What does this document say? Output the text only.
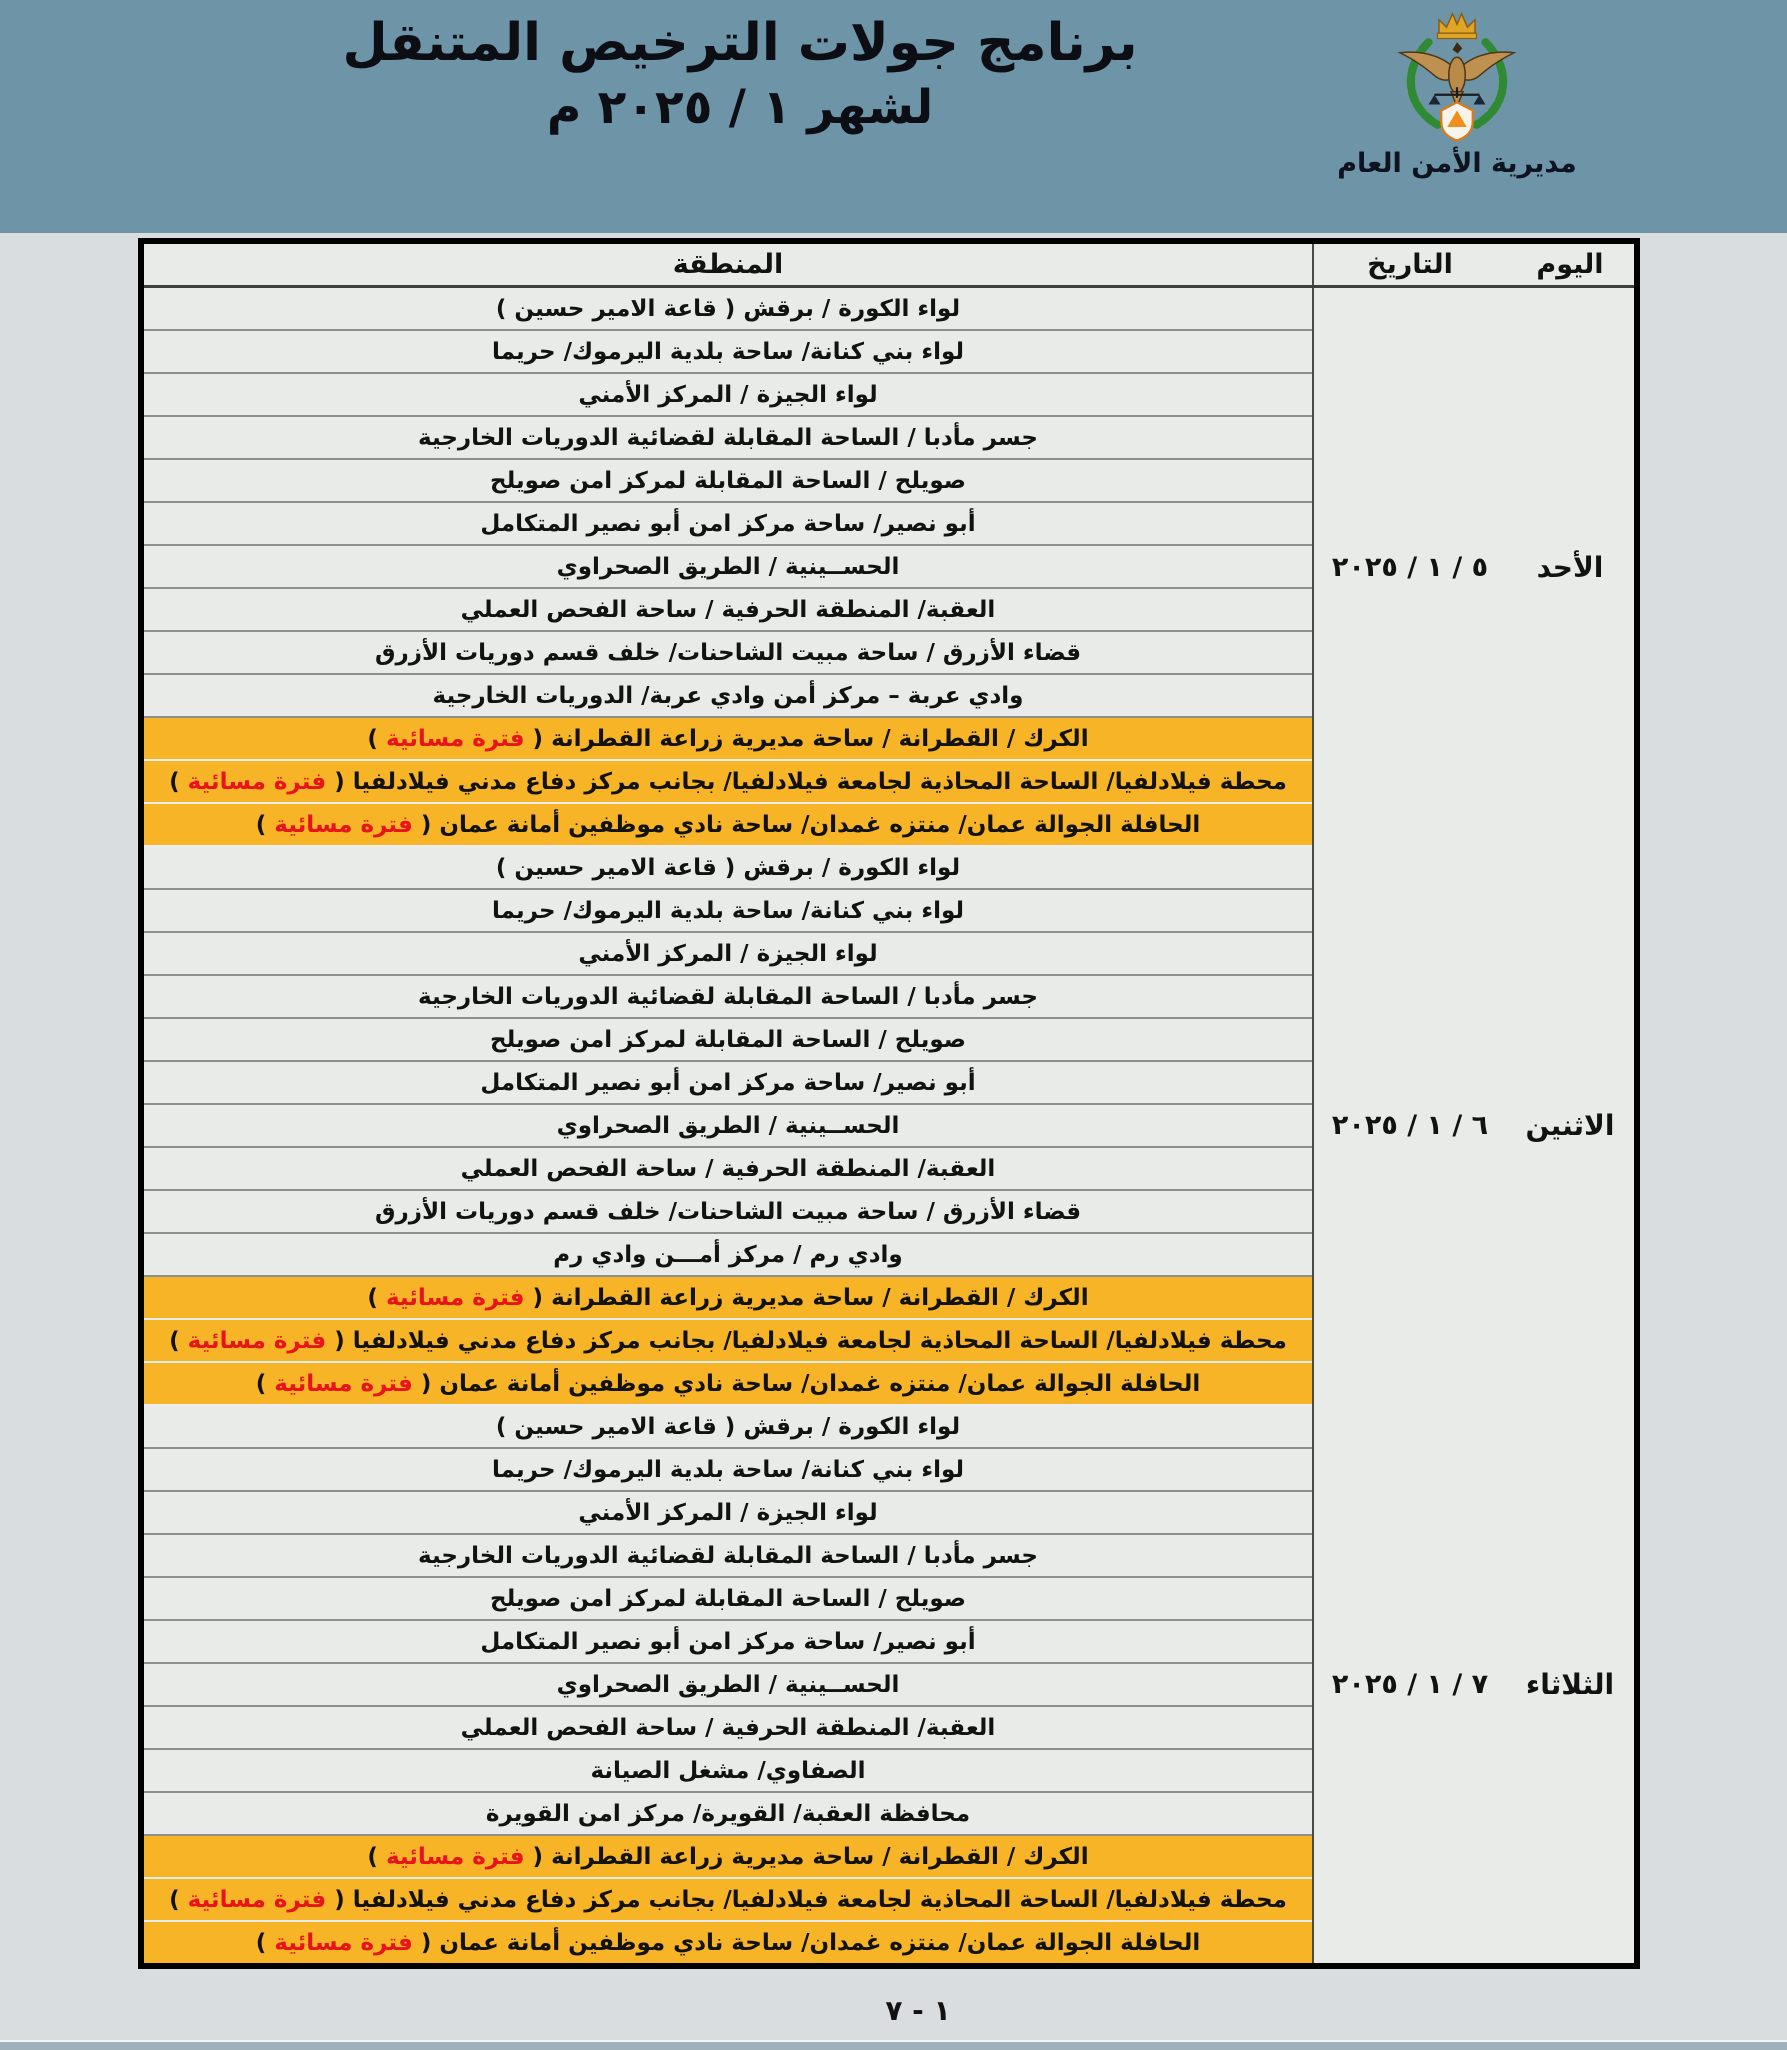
برنامج جولات الترخيص المتنقل
لشهر ١ / ٢٠٢٥ م
مديرية الأمن العام
اليوم	التاريخ	المنطقة
الأحد	٥ / ١ / ٢٠٢٥	لواء الكورة / برقش ( قاعة الامير حسين )
		لواء بني كنانة/ ساحة بلدية اليرموك/ حريما
		لواء الجيزة / المركز الأمني
		جسر مأدبا / الساحة المقابلة لقضائية الدوريات الخارجية
		صويلح / الساحة المقابلة لمركز امن صويلح
		أبو نصير/ ساحة مركز امن أبو نصير المتكامل
		الحســينية / الطريق الصحراوي
		العقبة/ المنطقة الحرفية / ساحة الفحص العملي
		قضاء الأزرق / ساحة مبيت الشاحنات/ خلف قسم دوريات الأزرق
		وادي عربة – مركز أمن وادي عربة/ الدوريات الخارجية
		الكرك / القطرانة / ساحة مديرية زراعة القطرانة ( فترة مسائية )
		محطة فيلادلفيا/ الساحة المحاذية لجامعة فيلادلفيا/ بجانب مركز دفاع مدني فيلادلفيا ( فترة مسائية )
		الحافلة الجوالة عمان/ منتزه غمدان/ ساحة نادي موظفين أمانة عمان ( فترة مسائية )
الاثنين	٦ / ١ / ٢٠٢٥	لواء الكورة / برقش ( قاعة الامير حسين )
		لواء بني كنانة/ ساحة بلدية اليرموك/ حريما
		لواء الجيزة / المركز الأمني
		جسر مأدبا / الساحة المقابلة لقضائية الدوريات الخارجية
		صويلح / الساحة المقابلة لمركز امن صويلح
		أبو نصير/ ساحة مركز امن أبو نصير المتكامل
		الحســينية / الطريق الصحراوي
		العقبة/ المنطقة الحرفية / ساحة الفحص العملي
		قضاء الأزرق / ساحة مبيت الشاحنات/ خلف قسم دوريات الأزرق
		وادي رم / مركز أمـــن وادي رم
		الكرك / القطرانة / ساحة مديرية زراعة القطرانة ( فترة مسائية )
		محطة فيلادلفيا/ الساحة المحاذية لجامعة فيلادلفيا/ بجانب مركز دفاع مدني فيلادلفيا ( فترة مسائية )
		الحافلة الجوالة عمان/ منتزه غمدان/ ساحة نادي موظفين أمانة عمان ( فترة مسائية )
الثلاثاء	٧ / ١ / ٢٠٢٥	لواء الكورة / برقش ( قاعة الامير حسين )
		لواء بني كنانة/ ساحة بلدية اليرموك/ حريما
		لواء الجيزة / المركز الأمني
		جسر مأدبا / الساحة المقابلة لقضائية الدوريات الخارجية
		صويلح / الساحة المقابلة لمركز امن صويلح
		أبو نصير/ ساحة مركز امن أبو نصير المتكامل
		الحســينية / الطريق الصحراوي
		العقبة/ المنطقة الحرفية / ساحة الفحص العملي
		الصفاوي/ مشغل الصيانة
		محافظة العقبة/ القويرة/ مركز امن القويرة
		الكرك / القطرانة / ساحة مديرية زراعة القطرانة ( فترة مسائية )
		محطة فيلادلفيا/ الساحة المحاذية لجامعة فيلادلفيا/ بجانب مركز دفاع مدني فيلادلفيا ( فترة مسائية )
		الحافلة الجوالة عمان/ منتزه غمدان/ ساحة نادي موظفين أمانة عمان ( فترة مسائية )
١ - ٧
